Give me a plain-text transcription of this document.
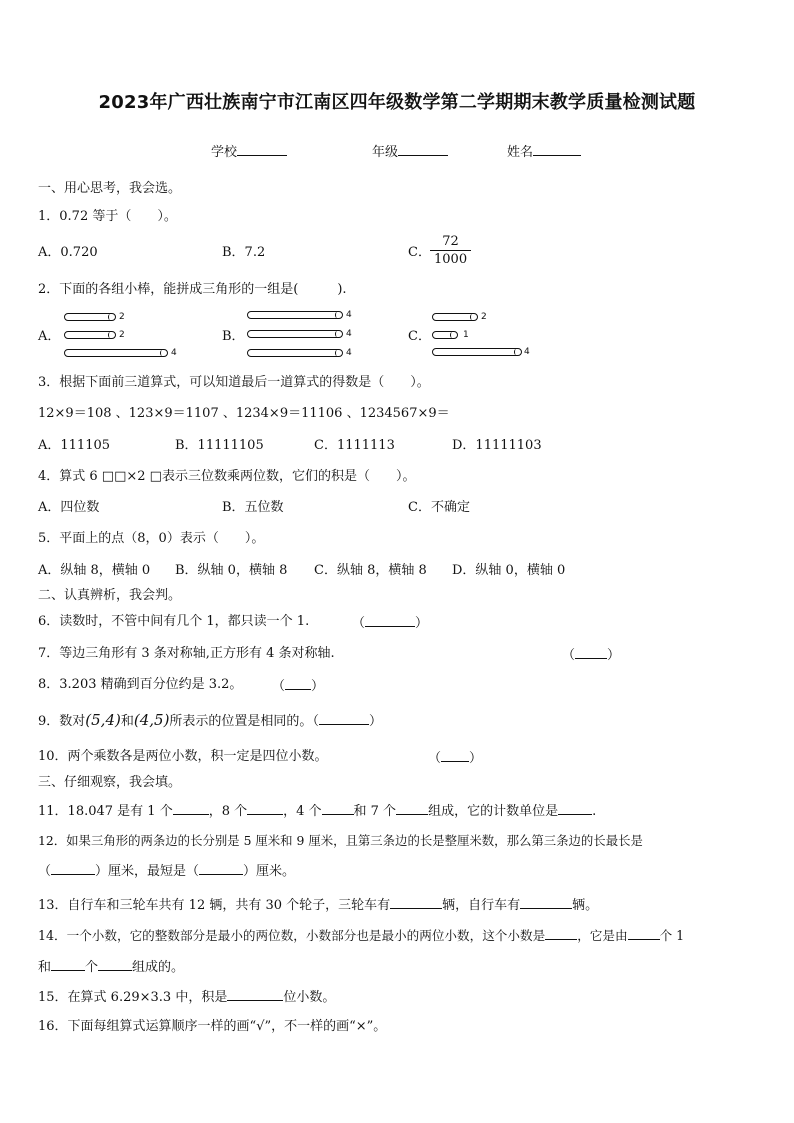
2023年广西壮族南宁市江南区四年级数学第二学期期末教学质量检测试题
学校	年级	姓名
一、用心思考，我会选。
1．0.72 等于（　　）。
A．0.720	B．7.2	C． $\frac{72}{1000}$
2．下面的各组小棒，能拼成三角形的一组是(　　　).
A．	B．	C．
2
2
4
4
4
4
2
1
4
3．根据下面前三道算式，可以知道最后一道算式的得数是（　　）。
12×9＝108 、123×9＝1107 、1234×9＝11106 、1234567×9＝
A．111105	B．11111105	C．1111113	D．11111103
4．算式 6 □□×2 □表示三位数乘两位数，它们的积是（　　）。
A．四位数	B．五位数	C．不确定
5．平面上的点（8，0）表示（　　）。
A．纵轴 8，横轴 0 B．纵轴 0，横轴 8 C．纵轴 8，横轴 8 D．纵轴 0，横轴 0
二、认真辨析，我会判。
6．读数时，不管中间有几个 1，都只读一个 1.	（	）
7．等边三角形有 3 条对称轴,正方形有 4 条对称轴.	（ ）
8．3.203 精确到百分位约是 3.2。 （ ）
9．数对(5,4)和(4,5)所表示的位置是相同的。（	）
10．两个乘数各是两位小数，积一定是四位小数。	（ ）
三、仔细观察，我会填。
11．18.047 是有 1 个	，8 个	，4 个 和 7 个 组成，它的计数单位是	.
12．如果三角形的两条边的长分别是 5 厘米和 9 厘米，且第三条边的长是整厘米数，那么第三条边的长最长是
（	）厘米，最短是（	）厘米。
13．自行车和三轮车共有 12 辆，共有 30 个轮子，三轮车有	辆，自行车有	辆。
14．一个小数，它的整数部分是最小的两位数，小数部分也是最小的两位小数，这个小数是	，它是由	个 1
和	个	组成的。
15．在算式 6.29×3.3 中，积是	位小数。
16．下面每组算式运算顺序一样的画“√”，不一样的画“×”。
